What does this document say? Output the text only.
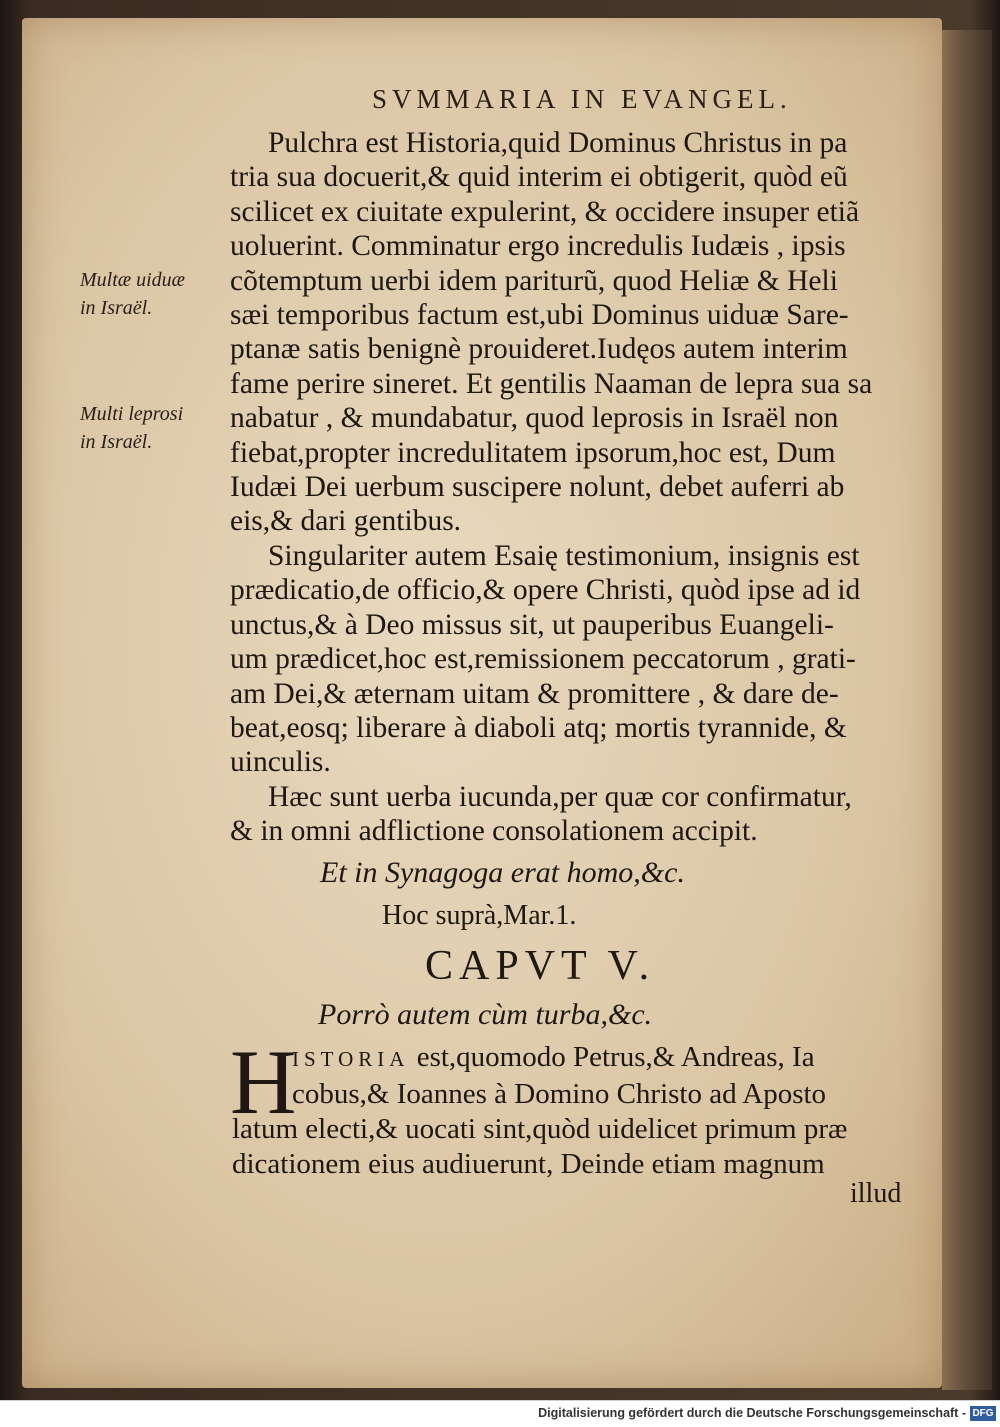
SVMMARIA IN EVANGEL.
Multæ uiduæ
in Israël.
Multi leprosi
in Israël.
Pulchra est Historia,quid Dominus Christus in pa
tria sua docuerit,& quid interim ei obtigerit, quòd eũ
scilicet ex ciuitate expulerint, & occidere insuper etiã
uoluerint. Comminatur ergo incredulis Iudæis , ipsis
cõtemptum uerbi idem pariturũ, quod Heliæ & Heli
sæi temporibus factum est,ubi Dominus uiduæ Sare-
ptanæ satis benignè prouideret.Iudęos autem interim
fame perire sineret. Et gentilis Naaman de lepra sua sa
nabatur , & mundabatur, quod leprosis in Israël non
fiebat,propter incredulitatem ipsorum,hoc est, Dum
Iudæi Dei uerbum suscipere nolunt, debet auferri ab
eis,& dari gentibus.
Singulariter autem Esaię testimonium, insignis est
prædicatio,de officio,& opere Christi, quòd ipse ad id
unctus,& à Deo missus sit, ut pauperibus Euangeli-
um prædicet,hoc est,remissionem peccatorum , grati-
am Dei,& æternam uitam & promittere , & dare de-
beat,eosq; liberare à diaboli atq; mortis tyrannide, &
uinculis.
Hæc sunt uerba iucunda,per quæ cor confirmatur,
& in omni adflictione consolationem accipit.
Et in Synagoga erat homo,&c.
Hoc suprà,Mar.1.
CAPVT V.
Porrò autem cùm turba,&c.
H
ISTORIA est,quomodo Petrus,& Andreas, Ia
cobus,& Ioannes à Domino Christo ad Aposto
latum electi,& uocati sint,quòd uidelicet primum præ
dicationem eius audiuerunt, Deinde etiam magnum
illud
Digitalisierung gefördert durch die Deutsche Forschungsgemeinschaft - DFG
